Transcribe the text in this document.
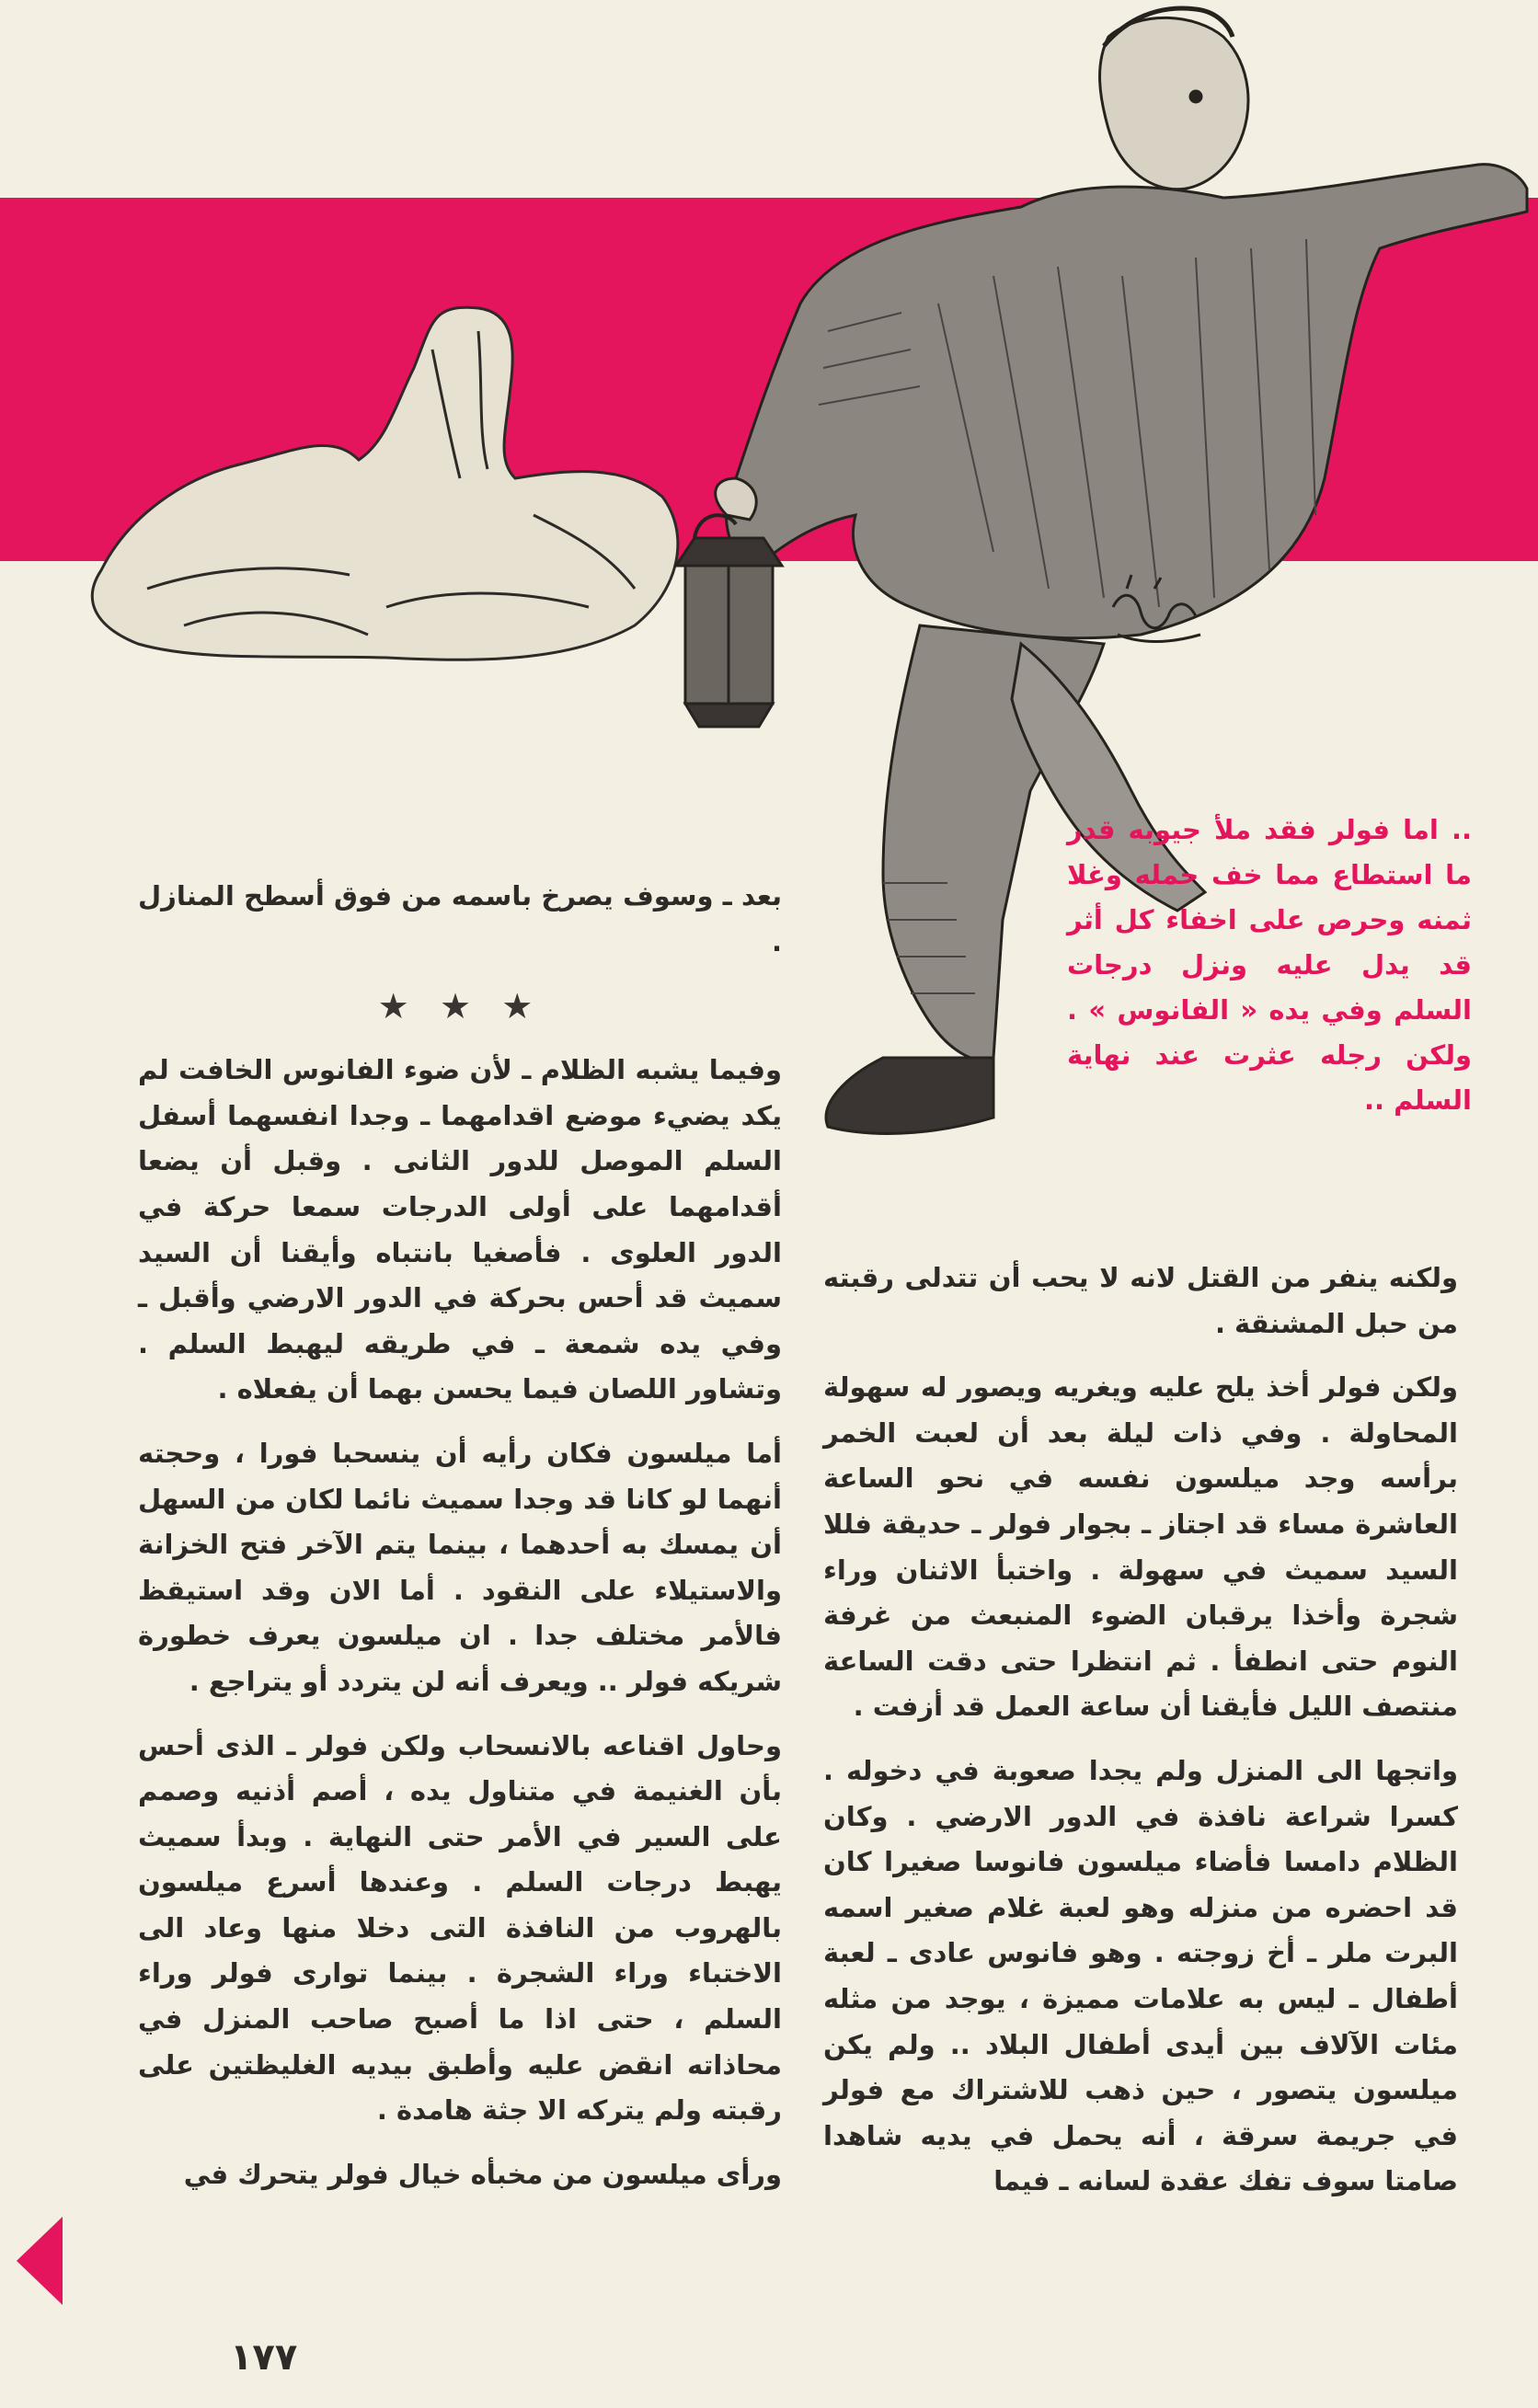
.. اما فولر فقد ملأ جيوبه قدر ما استطاع مما خف حمله وغلا ثمنه وحرص على اخفاء كل أثر قد يدل عليه ونزل درجات السلم وفي يده « الفانوس » . ولكن رجله عثرت عند نهاية السلم ..

بعد ـ وسوف يصرخ باسمه من فوق أسطح المنازل .

★ ★ ★

وفيما يشبه الظلام ـ لأن ضوء الفانوس الخافت لم يكد يضيء موضع اقدامهما ـ وجدا انفسهما أسفل السلم الموصل للدور الثانى . وقبل أن يضعا أقدامهما على أولى الدرجات سمعا حركة في الدور العلوى . فأصغيا بانتباه وأيقنا أن السيد سميث قد أحس بحركة في الدور الارضي وأقبل ـ وفي يده شمعة ـ في طريقه ليهبط السلم . وتشاور اللصان فيما يحسن بهما أن يفعلاه .

أما ميلسون فكان رأيه أن ينسحبا فورا ، وحجته أنهما لو كانا قد وجدا سميث نائما لكان من السهل أن يمسك به أحدهما ، بينما يتم الآخر فتح الخزانة والاستيلاء على النقود . أما الان وقد استيقظ فالأمر مختلف جدا . ان ميلسون يعرف خطورة شريكه فولر .. ويعرف أنه لن يتردد أو يتراجع .

وحاول اقناعه بالانسحاب ولكن فولر ـ الذى أحس بأن الغنيمة في متناول يده ، أصم أذنيه وصمم على السير في الأمر حتى النهاية . وبدأ سميث يهبط درجات السلم . وعندها أسرع ميلسون بالهروب من النافذة التى دخلا منها وعاد الى الاختباء وراء الشجرة . بينما توارى فولر وراء السلم ، حتى اذا ما أصبح صاحب المنزل في محاذاته انقض عليه وأطبق بيديه الغليظتين على رقبته ولم يتركه الا جثة هامدة .

ورأى ميلسون من مخبأه خيال فولر يتحرك في

ولكنه ينفر من القتل لانه لا يحب أن تتدلى رقبته من حبل المشنقة .

ولكن فولر أخذ يلح عليه ويغريه ويصور له سهولة المحاولة . وفي ذات ليلة بعد أن لعبت الخمر برأسه وجد ميلسون نفسه في نحو الساعة العاشرة مساء قد اجتاز ـ بجوار فولر ـ حديقة فللا السيد سميث في سهولة . واختبأ الاثنان وراء شجرة وأخذا يرقبان الضوء المنبعث من غرفة النوم حتى انطفأ . ثم انتظرا حتى دقت الساعة منتصف الليل فأيقنا أن ساعة العمل قد أزفت .

واتجها الى المنزل ولم يجدا صعوبة في دخوله . كسرا شراعة نافذة في الدور الارضي . وكان الظلام دامسا فأضاء ميلسون فانوسا صغيرا كان قد احضره من منزله وهو لعبة غلام صغير اسمه البرت ملر ـ أخ زوجته . وهو فانوس عادى ـ لعبة أطفال ـ ليس به علامات مميزة ، يوجد من مثله مئات الآلاف بين أيدى أطفال البلاد .. ولم يكن ميلسون يتصور ، حين ذهب للاشتراك مع فولر في جريمة سرقة ، أنه يحمل في يديه شاهدا صامتا سوف تفك عقدة لسانه ـ فيما

١٧٧
